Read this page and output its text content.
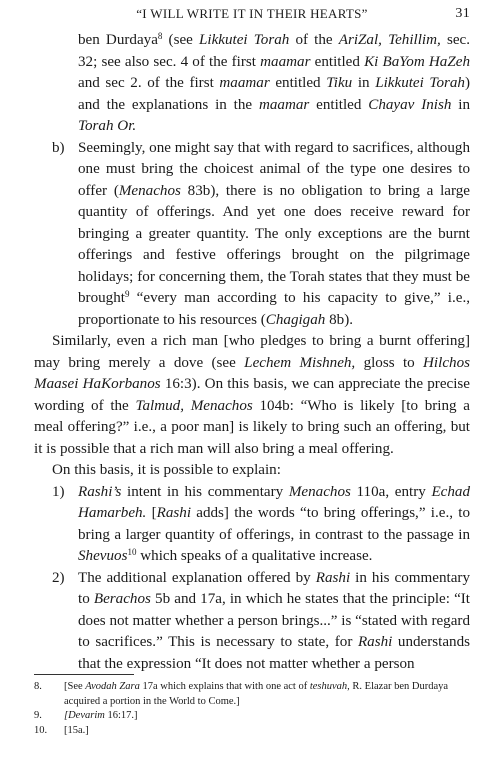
“I WILL WRITE IT IN THEIR HEARTS”	31

ben Durdaya$^8$ (see Likkutei Torah of the AriZal, Tehillim, sec. 32; see also sec. 4 of the first maamar entitled Ki BaYom HaZeh and sec 2. of the first maamar entitled Tiku in Likkutei Torah) and the explanations in the maamar entitled Chayav Inish in Torah Or.

b) Seemingly, one might say that with regard to sacrifices, although one must bring the choicest animal of the type one desires to offer (Menachos 83b), there is no obligation to bring a large quantity of offerings. And yet one does receive reward for bringing a greater quantity. The only exceptions are the burnt offerings and festive offerings brought on the pilgrimage holidays; for concerning them, the Torah states that they must be brought$^9$ “every man according to his capacity to give,” i.e., proportionate to his resources (Chagigah 8b).

Similarly, even a rich man [who pledges to bring a burnt offering] may bring merely a dove (see Lechem Mishneh, gloss to Hilchos Maasei HaKorbanos 16:3). On this basis, we can appreciate the precise wording of the Talmud, Menachos 104b: “Who is likely [to bring a meal offering?” i.e., a poor man] is likely to bring such an offering, but it is possible that a rich man will also bring a meal offering.

On this basis, it is possible to explain:

1) Rashi’s intent in his commentary Menachos 110a, entry Echad Hamarbeh. [Rashi adds] the words “to bring offerings,” i.e., to bring a larger quantity of offerings, in contrast to the passage in Shevuos$^{10}$ which speaks of a qualitative increase.
2) The additional explanation offered by Rashi in his commentary to Berachos 5b and 17a, in which he states that the principle: “It does not matter whether a person brings...” is “stated with regard to sacrifices.” This is necessary to state, for Rashi understands that the expression “It does not matter whether a person

8. [See Avodah Zara 17a which explains that with one act of teshuvah, R. Elazar ben Durdaya acquired a portion in the World to Come.]

9. [Devarim 16:17.]

10. [15a.]
